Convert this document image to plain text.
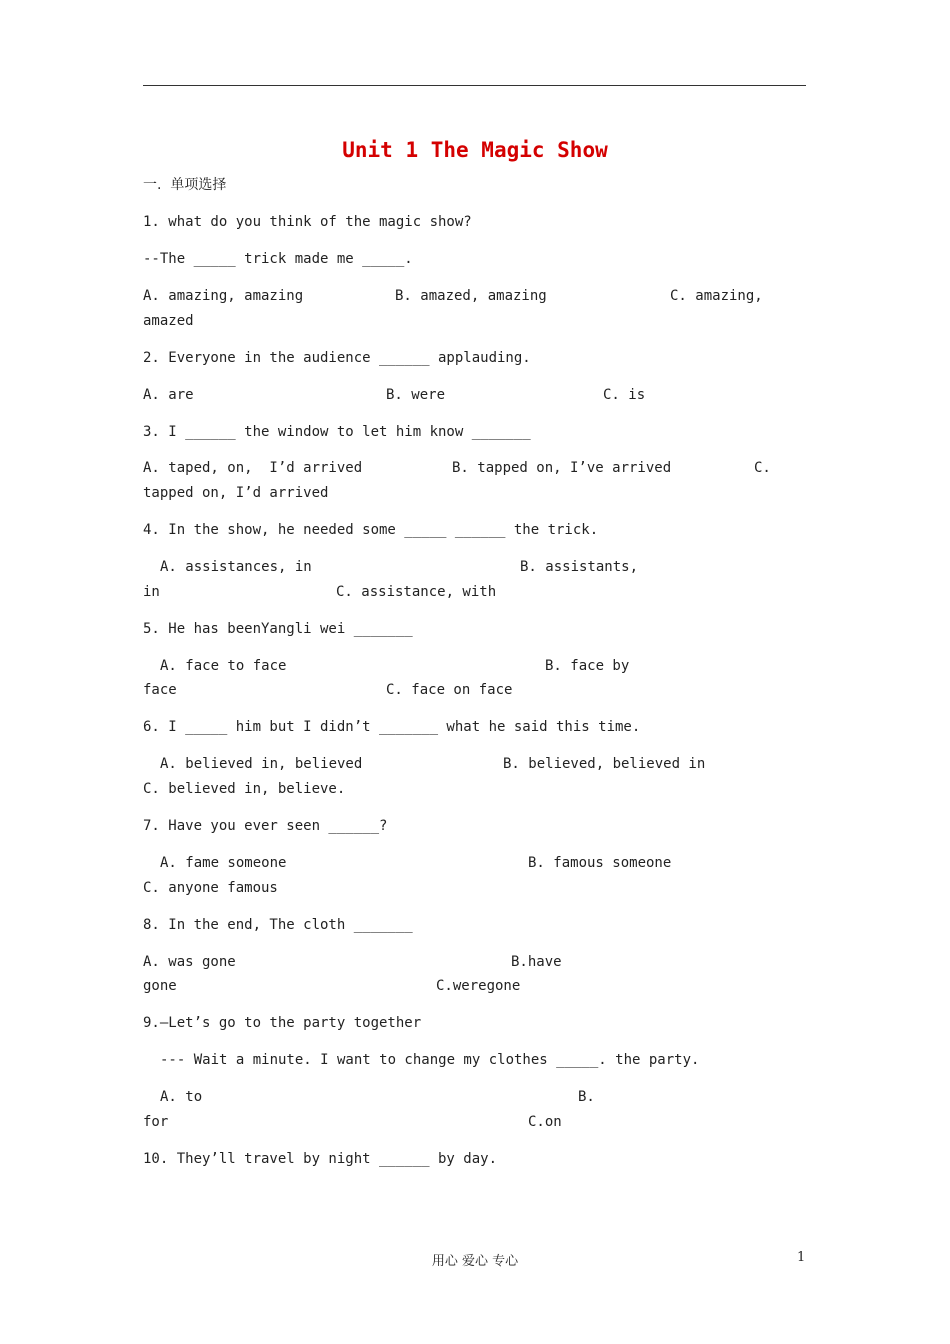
Unit 1 The Magic Show
一.  单项选择
1. what do you think of the magic show?
--The _____ trick made me _____.
A. amazing, amazing	B. amazed, amazing	C. amazing,
amazed
2. Everyone in the audience ______ applauding.
A. are	B. were	C. is
3. I ______ the window to let him know _______
A. taped, on,  I’d arrived	B. tapped on, I’ve arrived	C.
tapped on, I’d arrived
4. In the show, he needed some _____ ______ the trick.
A. assistances, in	B. assistants,
in	C. assistance, with
5. He has beenYangli wei _______
A. face to face	B. face by
face	C. face on face
6. I _____ him but I didn’t _______ what he said this time.
A. believed in, believed	B. believed, believed in
C. believed in, believe.
7. Have you ever seen ______?
A. fame someone	B. famous someone
C. anyone famous
8. In the end, The cloth _______
A. was gone	B.have
gone	C.weregone
9.—Let’s go to the party together
--- Wait a minute. I want to change my clothes _____. the party.
A. to	B.
for	C.on
10. They’ll travel by night ______ by day.
用心 爱心 专心	1
